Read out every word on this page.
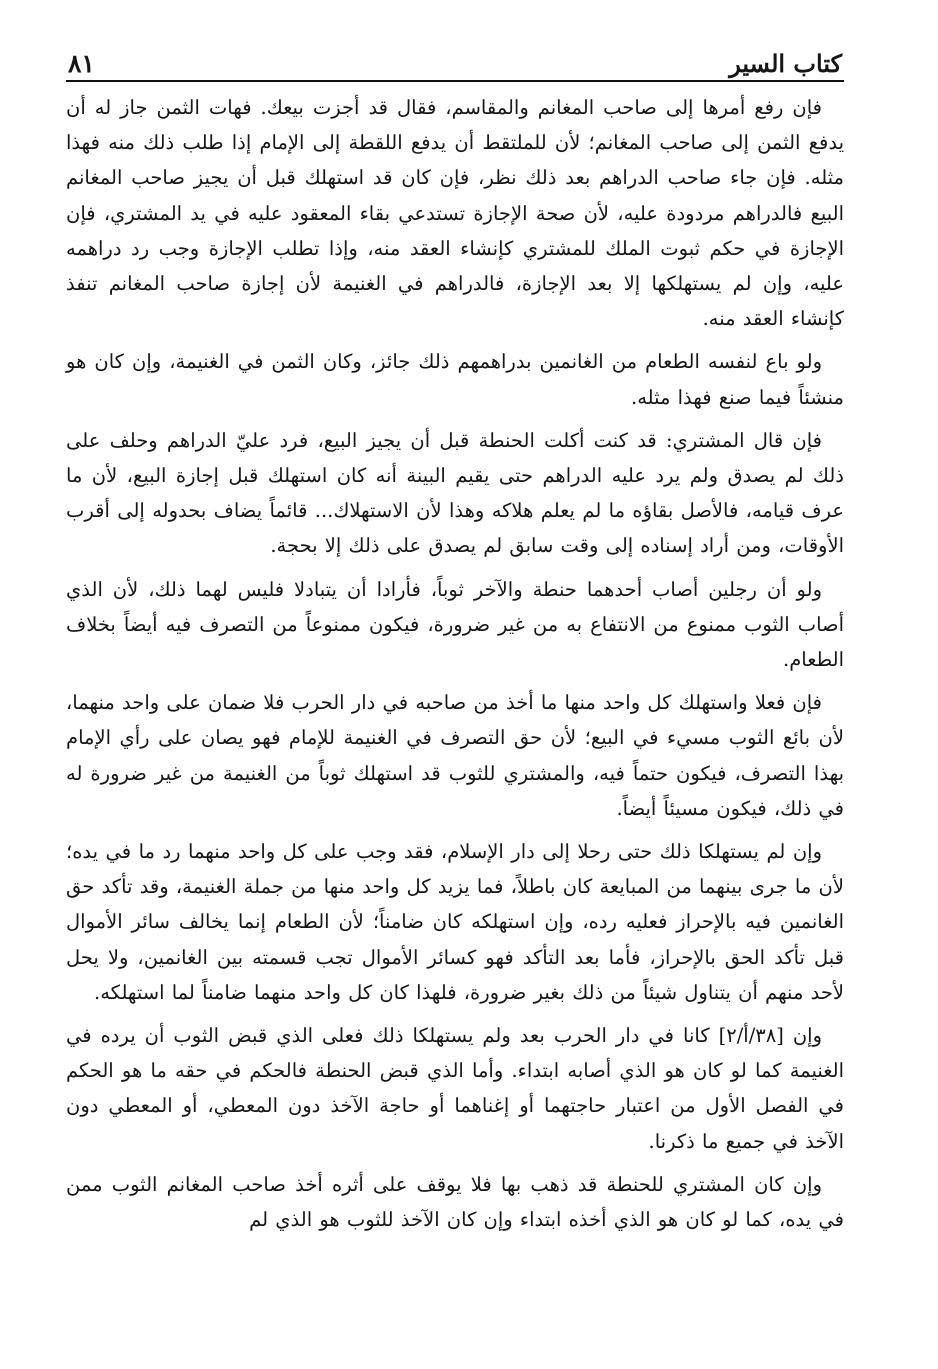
كتاب السير
٨١

فإن رفع أمرها إلى صاحب المغانم والمقاسم، فقال قد أجزت بيعك. فهات الثمن جاز له أن يدفع الثمن إلى صاحب المغانم؛ لأن للملتقط أن يدفع اللقطة إلى الإمام إذا طلب ذلك منه فهذا مثله. فإن جاء صاحب الدراهم بعد ذلك نظر، فإن كان قد استهلك قبل أن يجيز صاحب المغانم البيع فالدراهم مردودة عليه، لأن صحة الإجازة تستدعي بقاء المعقود عليه في يد المشتري، فإن الإجازة في حكم ثبوت الملك للمشتري كإنشاء العقد منه، وإذا تطلب الإجازة وجب رد دراهمه عليه، وإن لم يستهلكها إلا بعد الإجازة، فالدراهم في الغنيمة لأن إجازة صاحب المغانم تنفذ كإنشاء العقد منه.

ولو باع لنفسه الطعام من الغانمين بدراهمهم ذلك جائز، وكان الثمن في الغنيمة، وإن كان هو منشئاً فيما صنع فهذا مثله.

فإن قال المشتري: قد كنت أكلت الحنطة قبل أن يجيز البيع، فرد عليّ الدراهم وحلف على ذلك لم يصدق ولم يرد عليه الدراهم حتى يقيم البينة أنه كان استهلك قبل إجازة البيع، لأن ما عرف قيامه، فالأصل بقاؤه ما لم يعلم هلاكه وهذا لأن الاستهلاك... قائماً يضاف بحدوله إلى أقرب الأوقات، ومن أراد إسناده إلى وقت سابق لم يصدق على ذلك إلا بحجة.

ولو أن رجلين أصاب أحدهما حنطة والآخر ثوباً، فأرادا أن يتبادلا فليس لهما ذلك، لأن الذي أصاب الثوب ممنوع من الانتفاع به من غير ضرورة، فيكون ممنوعاً من التصرف فيه أيضاً بخلاف الطعام.

فإن فعلا واستهلك كل واحد منها ما أخذ من صاحبه في دار الحرب فلا ضمان على واحد منهما، لأن بائع الثوب مسيء في البيع؛ لأن حق التصرف في الغنيمة للإمام فهو يصان على رأي الإمام بهذا التصرف، فيكون حتماً فيه، والمشتري للثوب قد استهلك ثوباً من الغنيمة من غير ضرورة له في ذلك، فيكون مسيئاً أيضاً.

وإن لم يستهلكا ذلك حتى رحلا إلى دار الإسلام، فقد وجب على كل واحد منهما رد ما في يده؛ لأن ما جرى بينهما من المبايعة كان باطلاً، فما يزيد كل واحد منها من جملة الغنيمة، وقد تأكد حق الغانمين فيه بالإحراز فعليه رده، وإن استهلكه كان ضامناً؛ لأن الطعام إنما يخالف سائر الأموال قبل تأكد الحق بالإحراز، فأما بعد التأكد فهو كسائر الأموال تجب قسمته بين الغانمين، ولا يحل لأحد منهم أن يتناول شيئاً من ذلك بغير ضرورة، فلهذا كان كل واحد منهما ضامناً لما استهلكه.

وإن [٣٨/أ/٢] كانا في دار الحرب بعد ولم يستهلكا ذلك فعلى الذي قبض الثوب أن يرده في الغنيمة كما لو كان هو الذي أصابه ابتداء. وأما الذي قبض الحنطة فالحكم في حقه ما هو الحكم في الفصل الأول من اعتبار حاجتهما أو إغناهما أو حاجة الآخذ دون المعطي، أو المعطي دون الآخذ في جميع ما ذكرنا.

وإن كان المشتري للحنطة قد ذهب بها فلا يوقف على أثره أخذ صاحب المغانم الثوب ممن في يده، كما لو كان هو الذي أخذه ابتداء وإن كان الآخذ للثوب هو الذي لم
